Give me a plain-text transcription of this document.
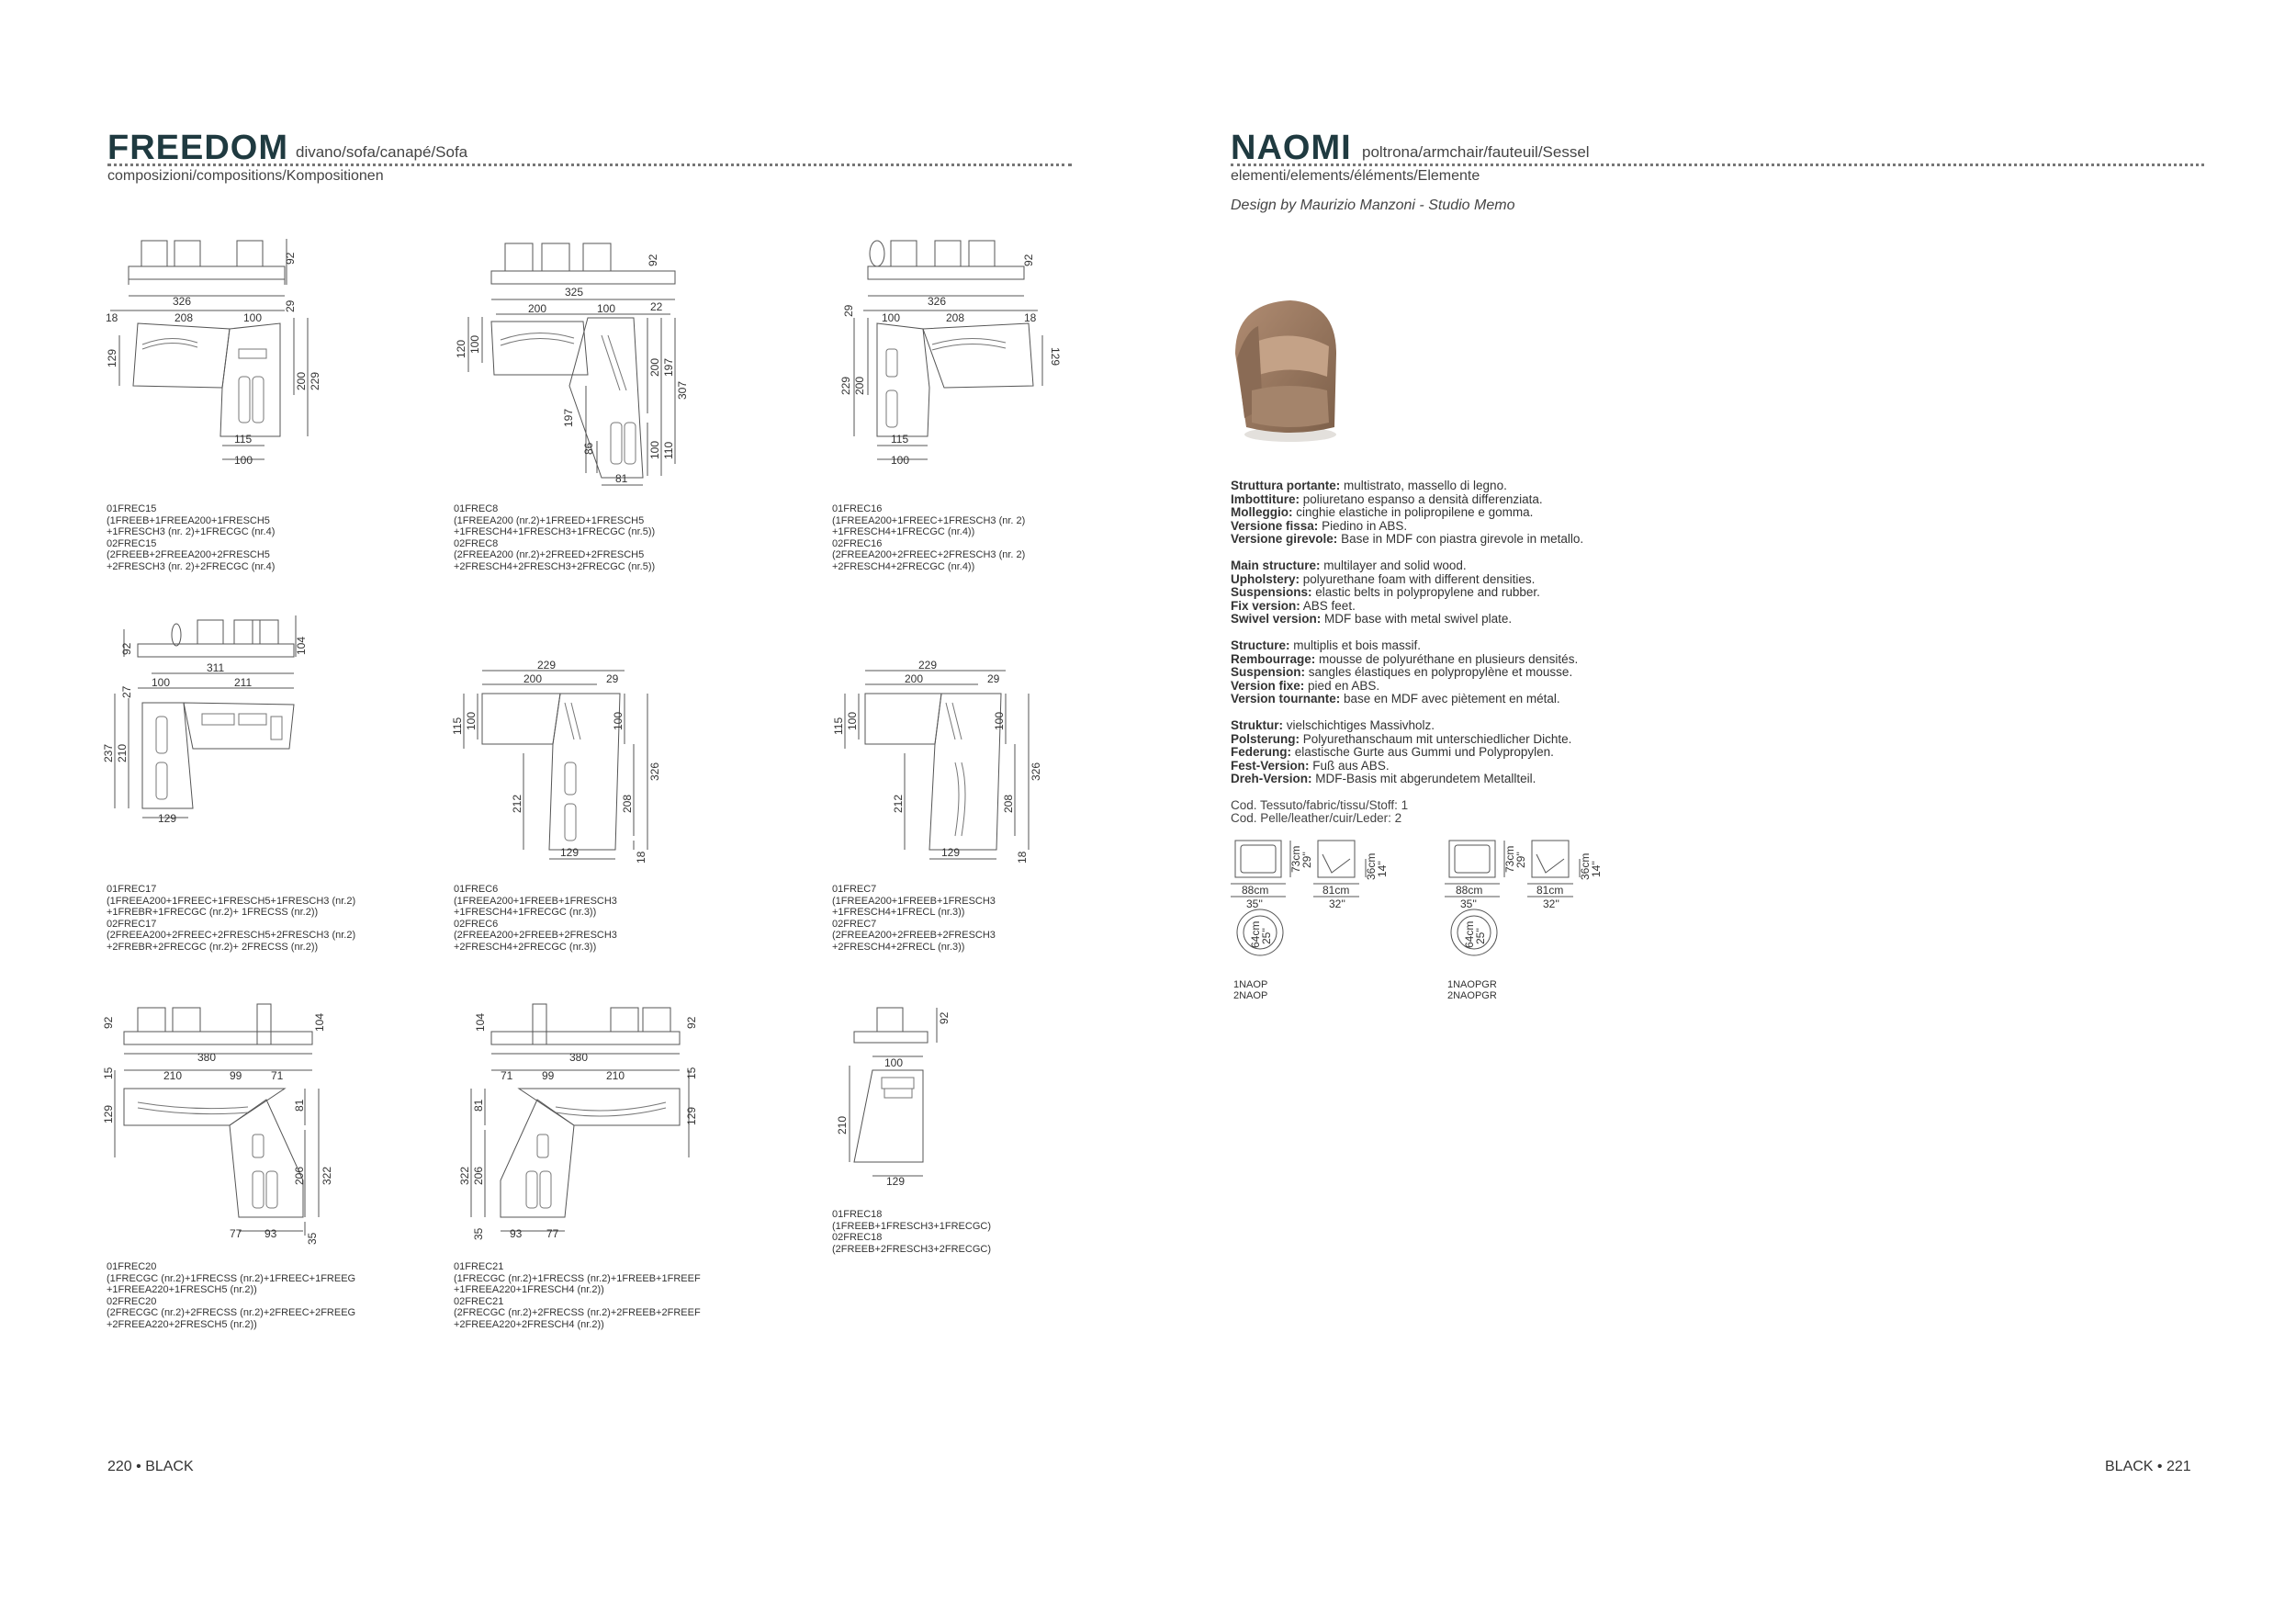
FREEDOM divano/sofa/canapé/Sofa
composizioni/compositions/Kompositionen
NAOMI poltrona/armchair/fauteuil/Sessel
elementi/elements/éléments/Elemente
Design by Maurizio Manzoni - Studio Memo
326
92
18	208	100
29
129
200 229
115
100
01FREC15
(1FREEB+1FREEA200+1FRESCH5
+1FRESCH3 (nr. 2)+1FRECGC (nr.4)
02FREC15
(2FREEB+2FREEA200+2FRESCH5
+2FRESCH3 (nr. 2)+2FRECGC (nr.4)
325
92
200	100	22
120 100
200 197
307
197
86	100 110
81
01FREC8
(1FREEA200 (nr.2)+1FREED+1FRESCH5
+1FRESCH4+1FRESCH3+1FRECGC (nr.5))
02FREC8
(2FREEA200 (nr.2)+2FREED+2FRESCH5
+2FRESCH4+2FRESCH3+2FRECGC (nr.5))
326
92
29
100	208	18
129
229 200
115
100
01FREC16
(1FREEA200+1FREEC+1FRESCH3 (nr. 2)
+1FRESCH4+1FRECGC (nr.4))
02FREC16
(2FREEA200+2FREEC+2FRESCH3 (nr. 2)
+2FRESCH4+2FRECGC (nr.4))
92	104
311
27
100	211
237 210
129
01FREC17
(1FREEA200+1FREEC+1FRESCH5+1FRESCH3 (nr.2)
+1FREBR+1FRECGC (nr.2)+ 1FRECSS (nr.2))
02FREC17
(2FREEA200+2FREEC+2FRESCH5+2FRESCH3 (nr.2)
+2FREBR+2FRECGC (nr.2)+ 2FRECSS (nr.2))
229
200	29
115 100	100
326
212	208
129	18
01FREC6
(1FREEA200+1FREEB+1FRESCH3
+1FRESCH4+1FRECGC (nr.3))
02FREC6
(2FREEA200+2FREEB+2FRESCH3
+2FRESCH4+2FRECGC (nr.3))
229
200	29
115 100	100
326
212	208
129	18
01FREC7
(1FREEA200+1FREEB+1FRESCH3
+1FRESCH4+1FRECL (nr.3))
02FREC7
(2FREEA200+2FREEB+2FRESCH3
+2FRESCH4+2FRECL (nr.3))
92	104
380
15	210	99	71
129	81
206 322
77 93	35
01FREC20
(1FRECGC (nr.2)+1FRECSS (nr.2)+1FREEC+1FREEG
+1FREEA220+1FRESCH5 (nr.2))
02FREC20
(2FRECGC (nr.2)+2FRECSS (nr.2)+2FREEC+2FREEG
+2FREEA220+2FRESCH5 (nr.2))
104	92
380
71	99	210	15
81
322 206
129
35 93 77
01FREC21
(1FRECGC (nr.2)+1FRECSS (nr.2)+1FREEB+1FREEF
+1FREEA220+1FRESCH4 (nr.2))
02FREC21
(2FRECGC (nr.2)+2FRECSS (nr.2)+2FREEB+2FREEF
+2FREEA220+2FRESCH4 (nr.2))
92
100
210
129
01FREC18
(1FREEB+1FRESCH3+1FRECGC)
02FREC18
(2FREEB+2FRESCH3+2FRECGC)
Struttura portante: multistrato, massello di legno.
Imbottiture: poliuretano espanso a densità differenziata.
Molleggio: cinghie elastiche in polipropilene e gomma.
Versione fissa: Piedino in ABS.
Versione girevole: Base in MDF con piastra girevole in metallo.
Main structure: multilayer and solid wood.
Upholstery: polyurethane foam with different densities.
Suspensions: elastic belts in polypropylene and rubber.
Fix version: ABS feet.
Swivel version: MDF base with metal swivel plate.
Structure: multiplis et bois massif.
Rembourrage: mousse de polyuréthane en plusieurs densités.
Suspension: sangles élastiques en polypropylène et mousse.
Version fixe: pied en ABS.
Version tournante: base en MDF avec piètement en métal.
Struktur: vielschichtiges Massivholz.
Polsterung: Polyurethanschaum mit unterschiedlicher Dichte.
Federung: elastische Gurte aus Gummi und Polypropylen.
Fest-Version: Fuß aus ABS.
Dreh-Version: MDF-Basis mit abgerundetem Metallteil.
Cod. Tessuto/fabric/tissu/Stoff: 1
Cod. Pelle/leather/cuir/Leder: 2
88cm
35''
73cm
29''
81cm
32''
36cm
14''
64cm
25''
1NAOP
2NAOP
88cm
35''
73cm
29''
81cm
32''
36cm
14''
64cm
25''
1NAOPGR
2NAOPGR
220 • BLACK	BLACK • 221
